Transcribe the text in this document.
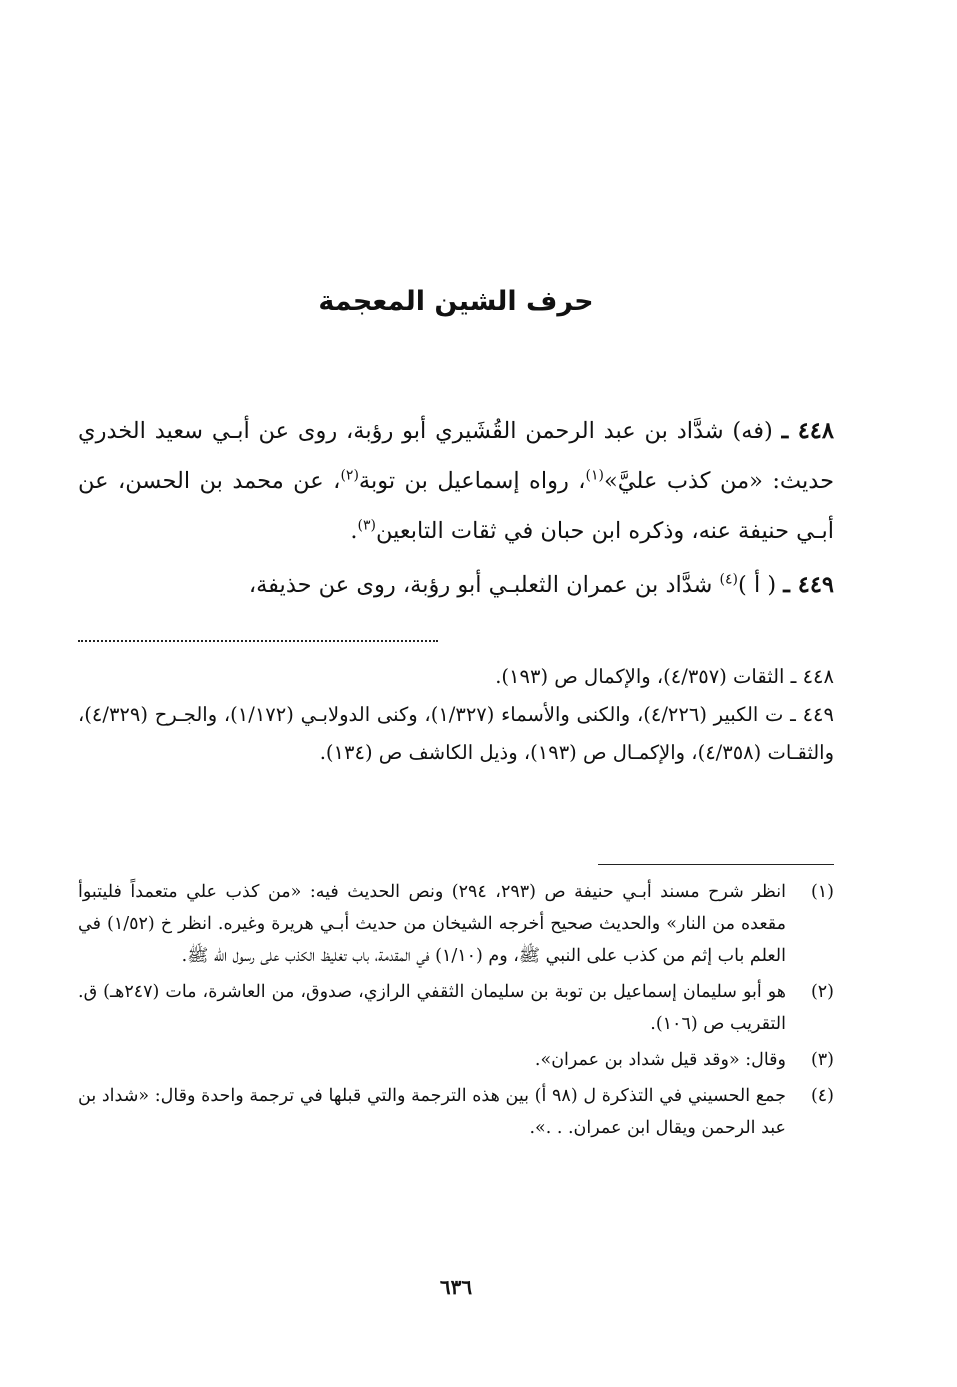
حرف الشين المعجمة

٤٤٨ ـ (فه) شدَّاد بن عبد الرحمن القُشَيري أبو رؤبة، روى عن أبـي سعيد الخدري حديث: «من كذب عليَّ»$^{(١)}$، رواه إسماعيل بن توبة$^{(٢)}$، عن محمد بن الحسن، عن أبـي حنيفة عنه، وذكره ابن حبان في ثقات التابعين$^{(٣)}$.

٤٤٩ ـ ( أ )$^{(٤)}$ شدَّاد بن عمران الثعلبـي أبو رؤبة، روى عن حذيفة،

٤٤٨ ـ الثقات (٤/٣٥٧)، والإكمال ص (١٩٣).

٤٤٩ ـ ت الكبير (٤/٢٢٦)، والكنى والأسماء (١/٣٢٧)، وكنى الدولابـي (١/١٧٢)، والجـرح (٤/٣٢٩)، والثقـات (٤/٣٥٨)، والإكمـال ص (١٩٣)، وذيل الكاشف ص (١٣٤).

(١)
انظر شرح مسند أبـي حنيفة ص (٢٩٣، ٢٩٤) ونص الحديث فيه: «من كذب علي متعمداً فليتبوأ مقعده من النار» والحديث صحيح أخرجه الشيخان من حديث أبـي هريرة وغيره. انظر خ (١/٥٢) في العلم باب إثم من كذب على النبي ﷺ، وم (١/١٠) في المقدمة، باب تغليظ الكذب على رسول الله ﷺ.

(٢)
هو أبو سليمان إسماعيل بن توبة بن سليمان الثقفي الرازي، صدوق، من العاشرة، مات (٢٤٧هـ) ق. التقريب ص (١٠٦).

(٣)
وقال: «وقد قيل شداد بن عمران».

(٤)
جمع الحسيني في التذكرة ل (٩٨ أ) بين هذه الترجمة والتي قبلها في ترجمة واحدة وقال: «شداد بن عبد الرحمن ويقال ابن عمران. . .».

٦٣٦
